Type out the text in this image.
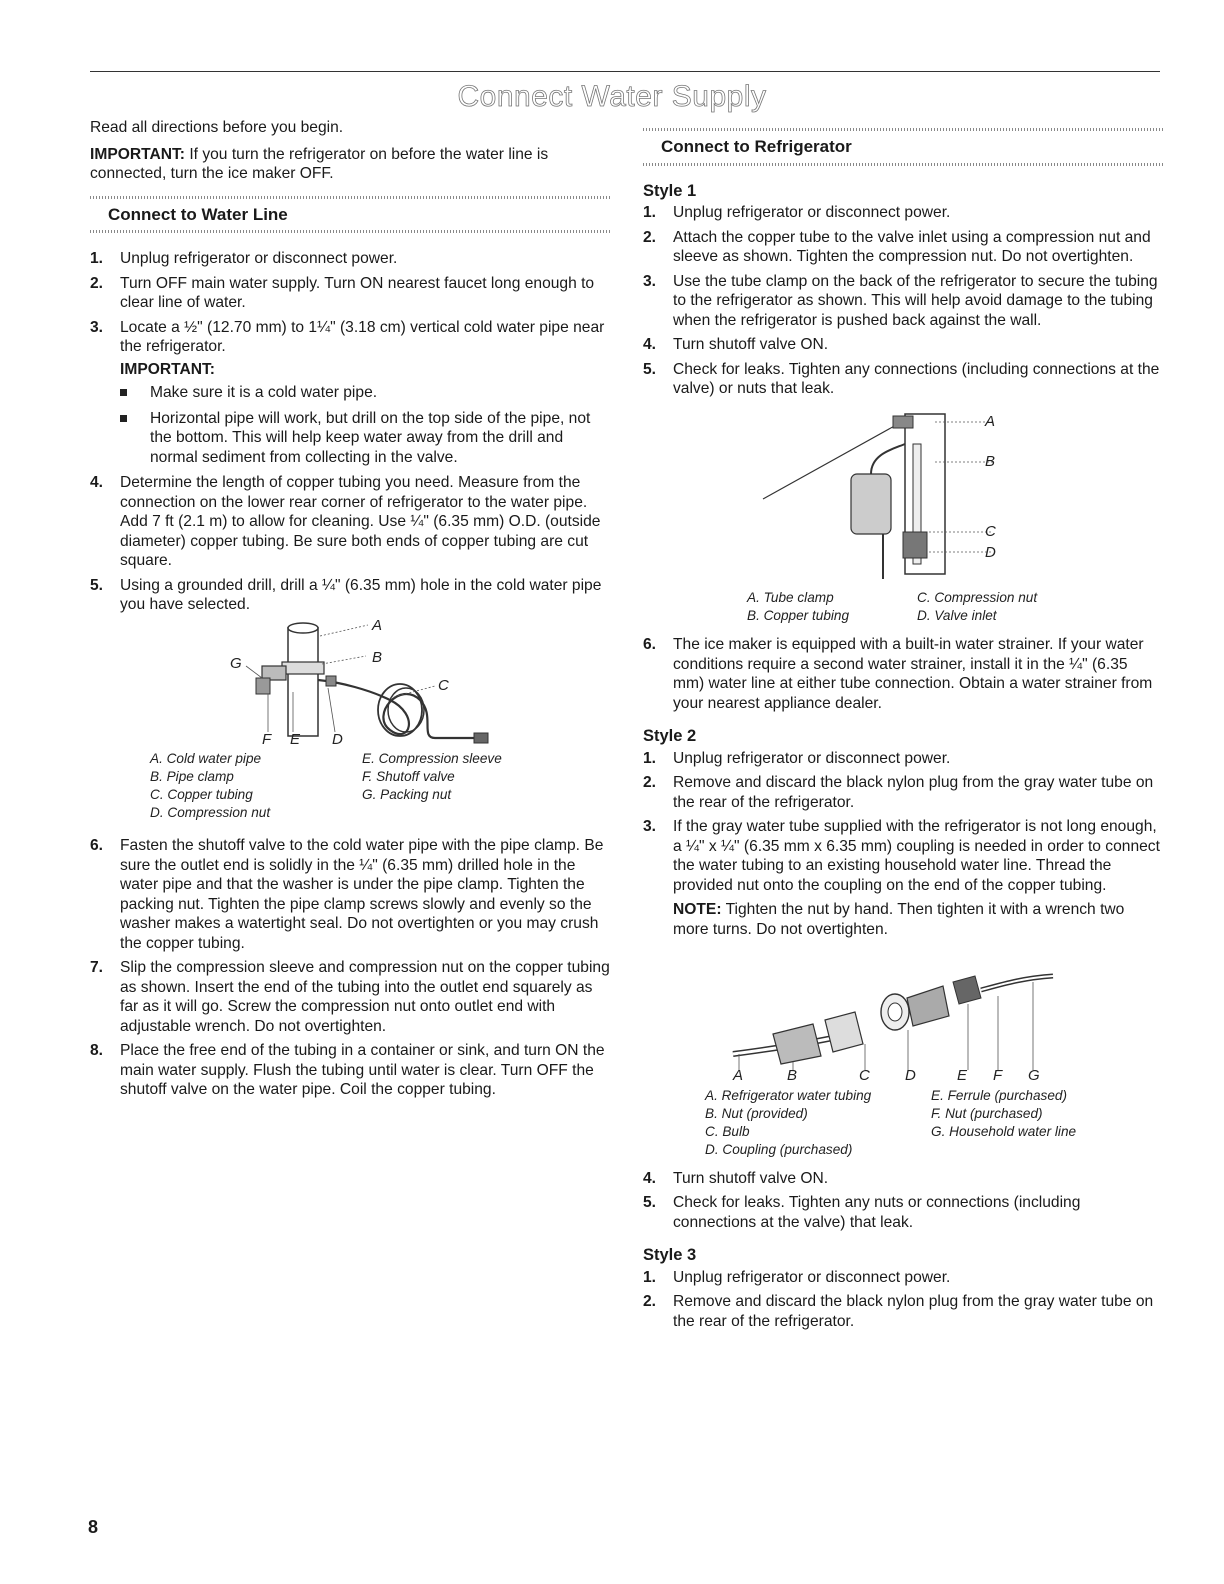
Connect Water Supply

Read all directions before you begin.

IMPORTANT: If you turn the refrigerator on before the water line is connected, turn the ice maker OFF.

Connect to Water Line
1. Unplug refrigerator or disconnect power.
2. Turn OFF main water supply. Turn ON nearest faucet long enough to clear line of water.
3. Locate a ½" (12.70 mm) to 1¼" (3.18 cm) vertical cold water pipe near the refrigerator.
IMPORTANT:
Make sure it is a cold water pipe.
Horizontal pipe will work, but drill on the top side of the pipe, not the bottom. This will help keep water away from the drill and normal sediment from collecting in the valve.
4. Determine the length of copper tubing you need. Measure from the connection on the lower rear corner of refrigerator to the water pipe. Add 7 ft (2.1 m) to allow for cleaning. Use ¼" (6.35 mm) O.D. (outside diameter) copper tubing. Be sure both ends of copper tubing are cut square.
5. Using a grounded drill, drill a ¼" (6.35 mm) hole in the cold water pipe you have selected.
A
B
C
D
E
F
G
A. Cold water pipe	E. Compression sleeve
B. Pipe clamp	F. Shutoff valve
C. Copper tubing	G. Packing nut
D. Compression nut
6. Fasten the shutoff valve to the cold water pipe with the pipe clamp. Be sure the outlet end is solidly in the ¼" (6.35 mm) drilled hole in the water pipe and that the washer is under the pipe clamp. Tighten the packing nut. Tighten the pipe clamp screws slowly and evenly so the washer makes a watertight seal. Do not overtighten or you may crush the copper tubing.
7. Slip the compression sleeve and compression nut on the copper tubing as shown. Insert the end of the tubing into the outlet end squarely as far as it will go. Screw the compression nut onto outlet end with adjustable wrench. Do not overtighten.
8. Place the free end of the tubing in a container or sink, and turn ON the main water supply. Flush the tubing until water is clear. Turn OFF the shutoff valve on the water pipe. Coil the copper tubing.
Connect to Refrigerator
Style 1
1. Unplug refrigerator or disconnect power.
2. Attach the copper tube to the valve inlet using a compression nut and sleeve as shown. Tighten the compression nut. Do not overtighten.
3. Use the tube clamp on the back of the refrigerator to secure the tubing to the refrigerator as shown. This will help avoid damage to the tubing when the refrigerator is pushed back against the wall.
4. Turn shutoff valve ON.
5. Check for leaks. Tighten any connections (including connections at the valve) or nuts that leak.
A
B
C
D
A. Tube clamp	C. Compression nut
B. Copper tubing	D. Valve inlet
6. The ice maker is equipped with a built-in water strainer. If your water conditions require a second water strainer, install it in the ¼" (6.35 mm) water line at either tube connection. Obtain a water strainer from your nearest appliance dealer.
Style 2
1. Unplug refrigerator or disconnect power.
2. Remove and discard the black nylon plug from the gray water tube on the rear of the refrigerator.
3. If the gray water tube supplied with the refrigerator is not long enough, a ¼" x ¼" (6.35 mm x 6.35 mm) coupling is needed in order to connect the water tubing to an existing household water line. Thread the provided nut onto the coupling on the end of the copper tubing.

NOTE: Tighten the nut by hand. Then tighten it with a wrench two more turns. Do not overtighten.

A	B	C D	E F G
A. Refrigerator water tubing	E. Ferrule (purchased)
B. Nut (provided)	F. Nut (purchased)
C. Bulb	G. Household water line
D. Coupling (purchased)
4. Turn shutoff valve ON.
5. Check for leaks. Tighten any nuts or connections (including connections at the valve) that leak.
Style 3
1. Unplug refrigerator or disconnect power.
2. Remove and discard the black nylon plug from the gray water tube on the rear of the refrigerator.
8
